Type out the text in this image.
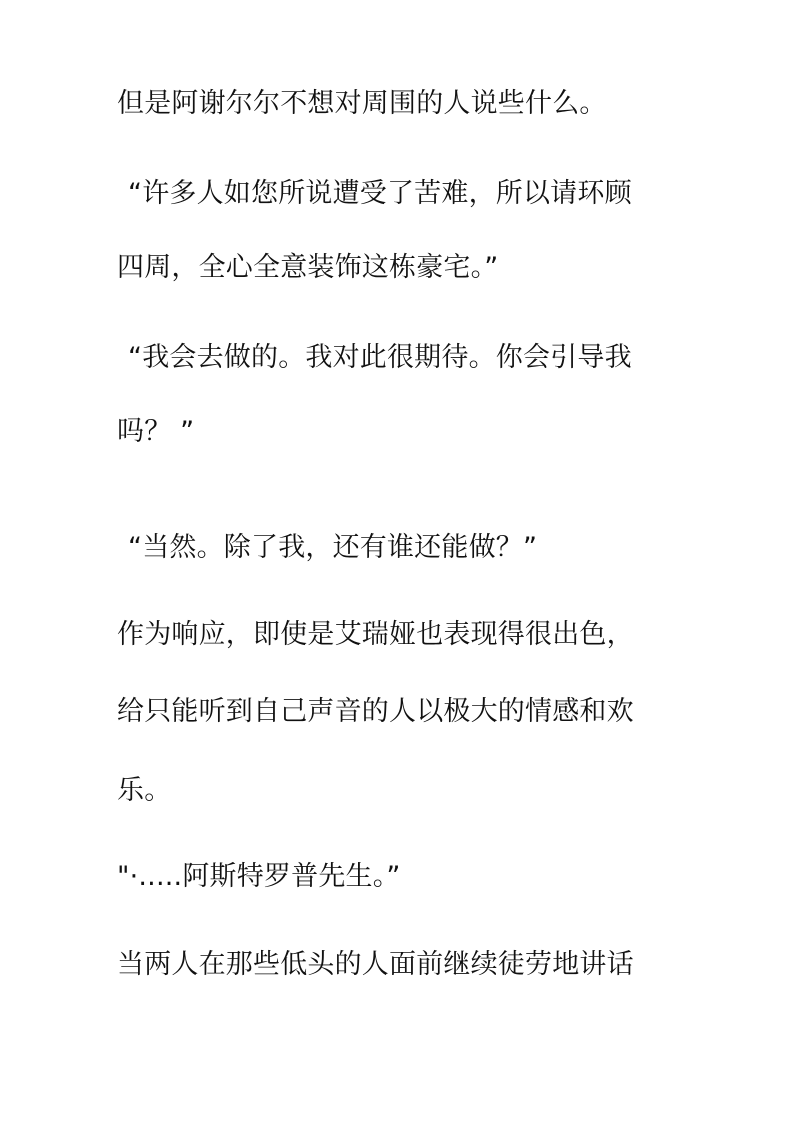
但是阿谢尔尔不想对周围的人说些什么。

“许多人如您所说遭受了苦难，所以请环顾

四周，全心全意装饰这栋豪宅。”

“我会去做的。我对此很期待。你会引导我

吗？ ”

“当然。除了我，还有谁还能做？”

作为响应，即使是艾瑞娅也表现得很出色，

给只能听到自己声音的人以极大的情感和欢

乐。

"·.....阿斯特罗普先生。”

当两人在那些低头的人面前继续徒劳地讲话
